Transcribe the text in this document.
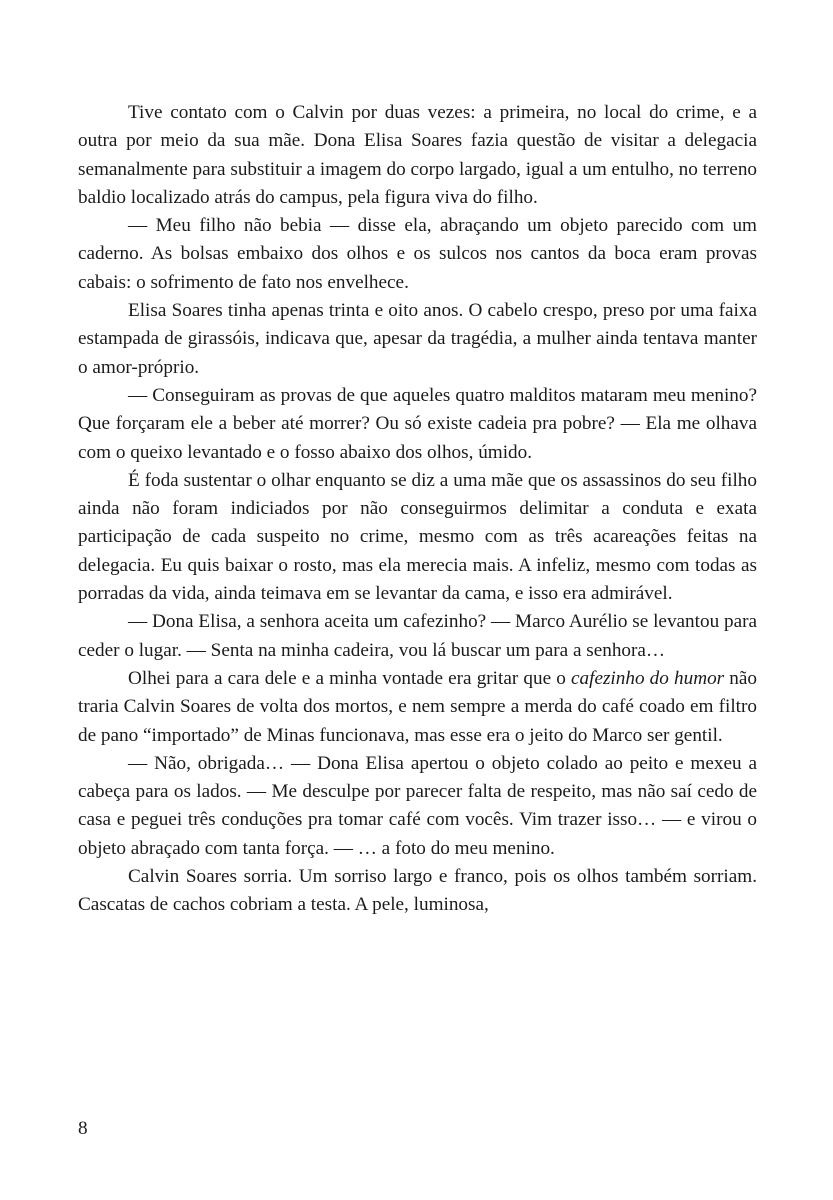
Tive contato com o Calvin por duas vezes: a primeira, no local do crime, e a outra por meio da sua mãe. Dona Elisa Soares fazia questão de visitar a delegacia semanalmente para substituir a imagem do corpo largado, igual a um entulho, no terreno baldio localizado atrás do campus, pela figura viva do filho.

— Meu filho não bebia — disse ela, abraçando um objeto parecido com um caderno. As bolsas embaixo dos olhos e os sulcos nos cantos da boca eram provas cabais: o sofrimento de fato nos envelhece.

Elisa Soares tinha apenas trinta e oito anos. O cabelo crespo, preso por uma faixa estampada de girassóis, indicava que, apesar da tragédia, a mulher ainda tentava manter o amor-próprio.

— Conseguiram as provas de que aqueles quatro malditos mataram meu menino? Que forçaram ele a beber até morrer? Ou só existe cadeia pra pobre? — Ela me olhava com o queixo levantado e o fosso abaixo dos olhos, úmido.

É foda sustentar o olhar enquanto se diz a uma mãe que os assassinos do seu filho ainda não foram indiciados por não conseguirmos delimitar a conduta e exata participação de cada suspeito no crime, mesmo com as três acareações feitas na delegacia. Eu quis baixar o rosto, mas ela merecia mais. A infeliz, mesmo com todas as porradas da vida, ainda teimava em se levantar da cama, e isso era admirável.

— Dona Elisa, a senhora aceita um cafezinho? — Marco Aurélio se levantou para ceder o lugar. — Senta na minha cadeira, vou lá buscar um para a senhora…

Olhei para a cara dele e a minha vontade era gritar que o cafezinho do humor não traria Calvin Soares de volta dos mortos, e nem sempre a merda do café coado em filtro de pano “importado” de Minas funcionava, mas esse era o jeito do Marco ser gentil.

— Não, obrigada… — Dona Elisa apertou o objeto colado ao peito e mexeu a cabeça para os lados. — Me desculpe por parecer falta de respeito, mas não saí cedo de casa e peguei três conduções pra tomar café com vocês. Vim trazer isso… — e virou o objeto abraçado com tanta força. — … a foto do meu menino.

Calvin Soares sorria. Um sorriso largo e franco, pois os olhos também sorriam. Cascatas de cachos cobriam a testa. A pele, luminosa,

8
